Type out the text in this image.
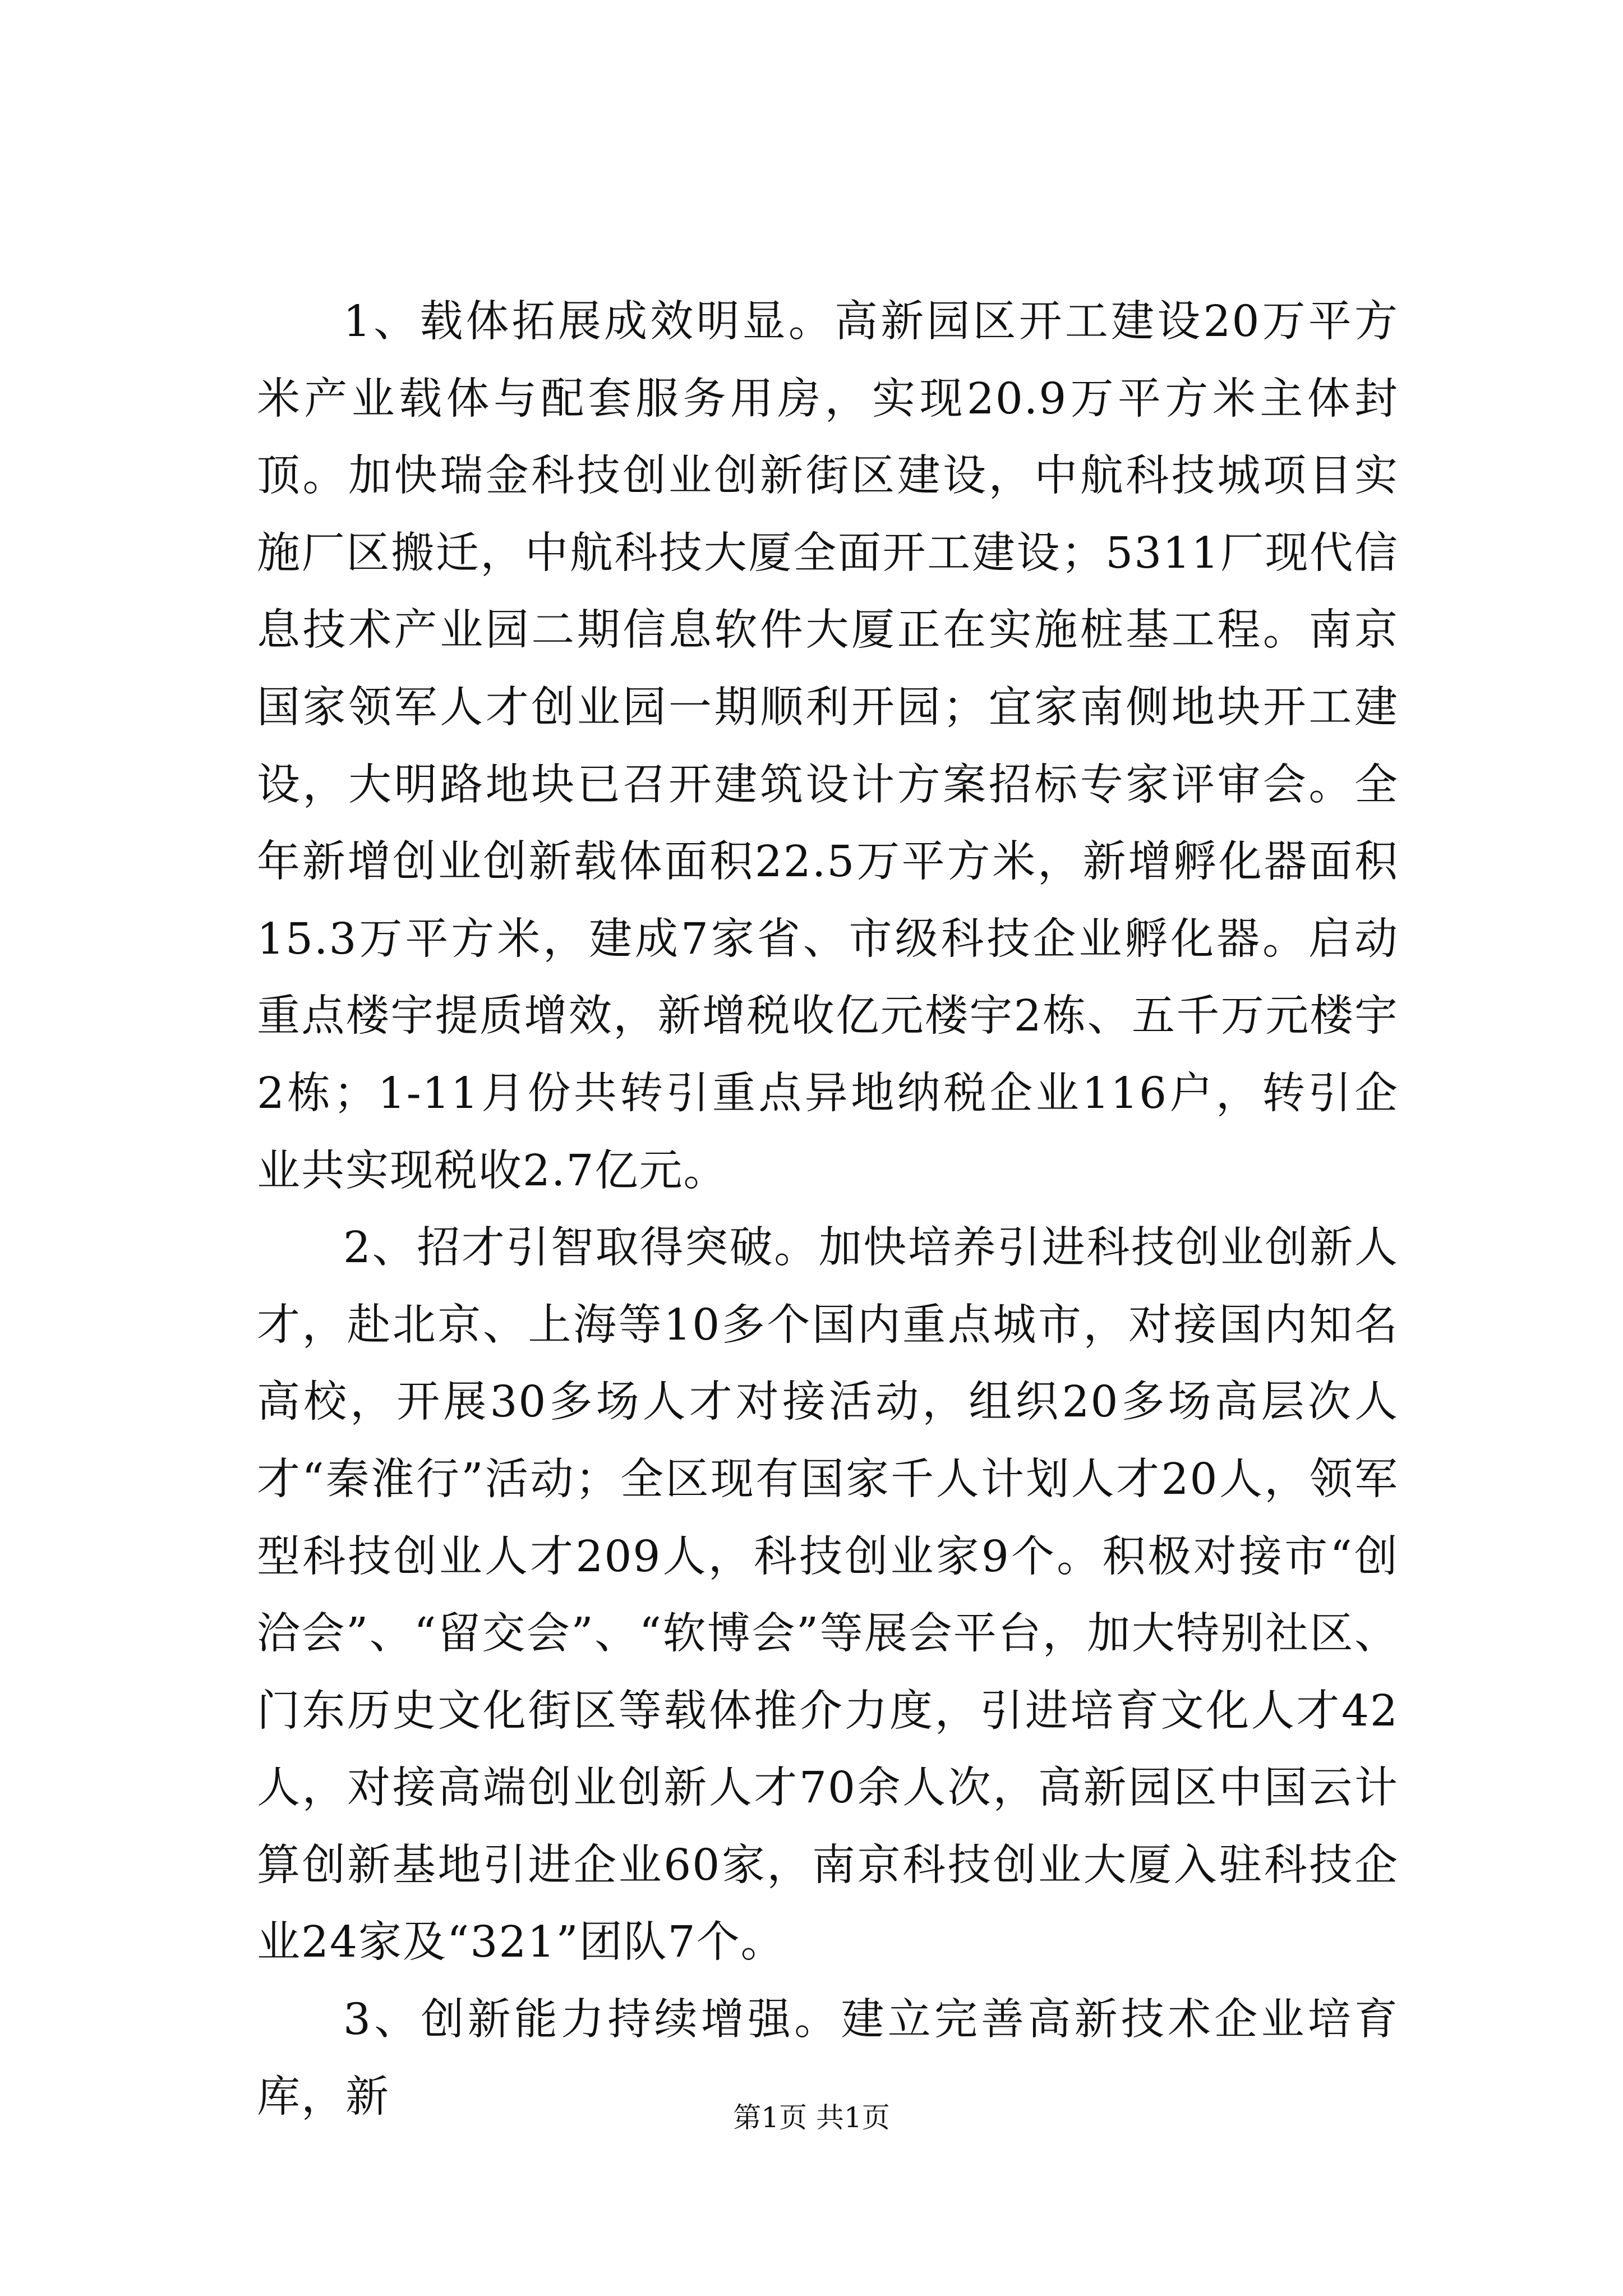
1、载体拓展成效明显。高新园区开工建设20万平方米产业载体与配套服务用房，实现20.9万平方米主体封顶。加快瑞金科技创业创新街区建设，中航科技城项目实施厂区搬迁，中航科技大厦全面开工建设；5311厂现代信息技术产业园二期信息软件大厦正在实施桩基工程。南京国家领军人才创业园一期顺利开园；宜家南侧地块开工建设，大明路地块已召开建筑设计方案招标专家评审会。全年新增创业创新载体面积22.5万平方米，新增孵化器面积15.3万平方米，建成7家省、市级科技企业孵化器。启动重点楼宇提质增效，新增税收亿元楼宇2栋、五千万元楼宇2栋；1-11月份共转引重点异地纳税企业116户，转引企业共实现税收2.7亿元。

2、招才引智取得突破。加快培养引进科技创业创新人才，赴北京、上海等10多个国内重点城市，对接国内知名高校，开展30多场人才对接活动，组织20多场高层次人才“秦淮行”活动；全区现有国家千人计划人才20人，领军型科技创业人才209人，科技创业家9个。积极对接市“创洽会”、“留交会”、“软博会”等展会平台，加大特别社区、门东历史文化街区等载体推介力度，引进培育文化人才42人，对接高端创业创新人才70余人次，高新园区中国云计算创新基地引进企业60家，南京科技创业大厦入驻科技企业24家及“321”团队7个。

3、创新能力持续增强。建立完善高新技术企业培育库，新	第1页 共1页
